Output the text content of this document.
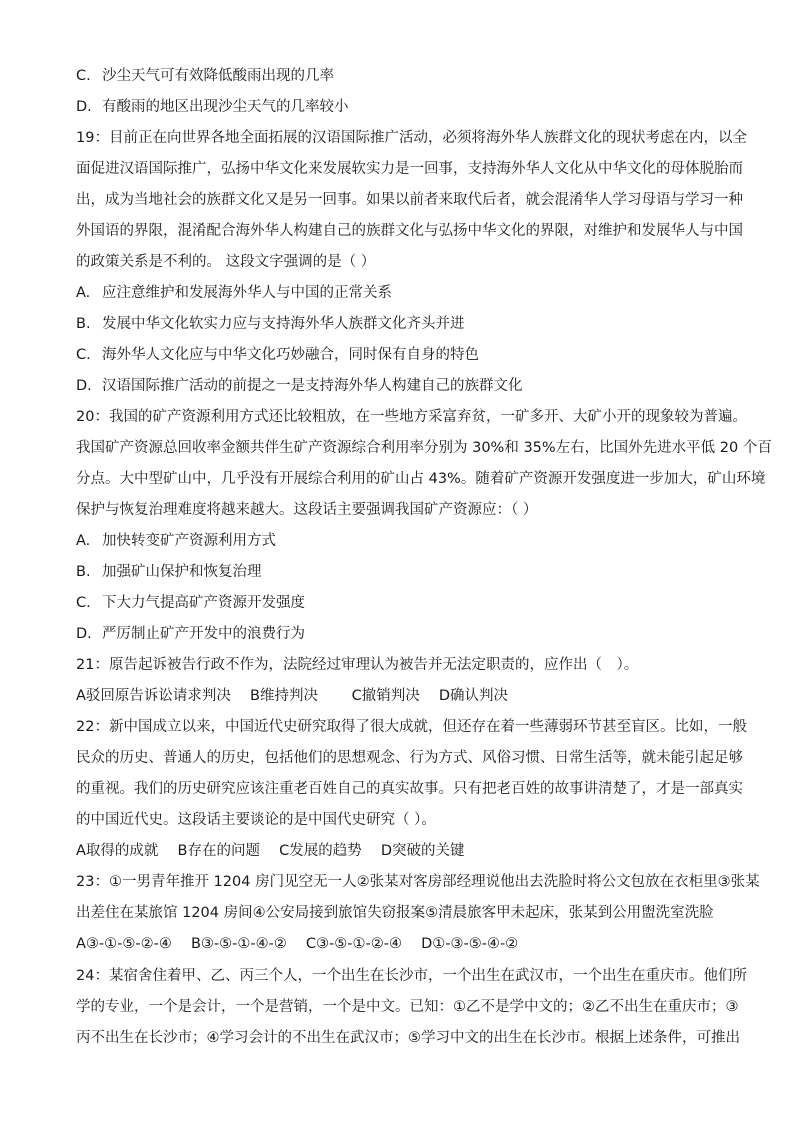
C. 沙尘天气可有效降低酸雨出现的几率
D. 有酸雨的地区出现沙尘天气的几率较小
19：目前正在向世界各地全面拓展的汉语国际推广活动，必须将海外华人族群文化的现状考虑在内，以全
面促进汉语国际推广，弘扬中华文化来发展软实力是一回事，支持海外华人文化从中华文化的母体脱胎而
出，成为当地社会的族群文化又是另一回事。如果以前者来取代后者，就会混淆华人学习母语与学习一种
外国语的界限，混淆配合海外华人构建自己的族群文化与弘扬中华文化的界限，对维护和发展华人与中国
的政策关系是不利的。 这段文字强调的是（ ）
A. 应注意维护和发展海外华人与中国的正常关系
B. 发展中华文化软实力应与支持海外华人族群文化齐头并进
C. 海外华人文化应与中华文化巧妙融合，同时保有自身的特色
D. 汉语国际推广活动的前提之一是支持海外华人构建自己的族群文化
20：我国的矿产资源利用方式还比较粗放，在一些地方采富弃贫，一矿多开、大矿小开的现象较为普遍。
我国矿产资源总回收率金额共伴生矿产资源综合利用率分别为 30%和 35%左右，比国外先进水平低 20 个百
分点。大中型矿山中，几乎没有开展综合利用的矿山占 43%。随着矿产资源开发强度进一步加大，矿山环境
保护与恢复治理难度将越来越大。这段话主要强调我国矿产资源应：（ ）
A. 加快转变矿产资源利用方式
B. 加强矿山保护和恢复治理
C. 下大力气提高矿产资源开发强度
D. 严厉制止矿产开发中的浪费行为
21：原告起诉被告行政不作为，法院经过审理认为被告并无法定职责的，应作出（　）。
A驳回原告诉讼请求判决　 B维持判决　　 C撤销判决　 D确认判决
22：新中国成立以来，中国近代史研究取得了很大成就，但还存在着一些薄弱环节甚至盲区。比如，一般
民众的历史、普通人的历史，包括他们的思想观念、行为方式、风俗习惯、日常生活等，就未能引起足够
的重视。我们的历史研究应该注重老百姓自己的真实故事。只有把老百姓的故事讲清楚了，才是一部真实
的中国近代史。这段话主要谈论的是中国代史研究（ ）。
A取得的成就　 B存在的问题　 C发展的趋势　 D突破的关键
23：①一男青年推开 1204 房门见空无一人②张某对客房部经理说他出去洗脸时将公文包放在衣柜里③张某
出差住在某旅馆 1204 房间④公安局接到旅馆失窃报案⑤清晨旅客甲未起床，张某到公用盥洗室洗脸
A③-①-⑤-②-④　 B③-⑤-①-④-②　 C③-⑤-①-②-④　 D①-③-⑤-④-②
24：某宿舍住着甲、乙、丙三个人，一个出生在长沙市，一个出生在武汉市，一个出生在重庆市。他们所
学的专业，一个是会计，一个是营销，一个是中文。已知：①乙不是学中文的；②乙不出生在重庆市；③
丙不出生在长沙市；④学习会计的不出生在武汉市；⑤学习中文的出生在长沙市。根据上述条件，可推出
